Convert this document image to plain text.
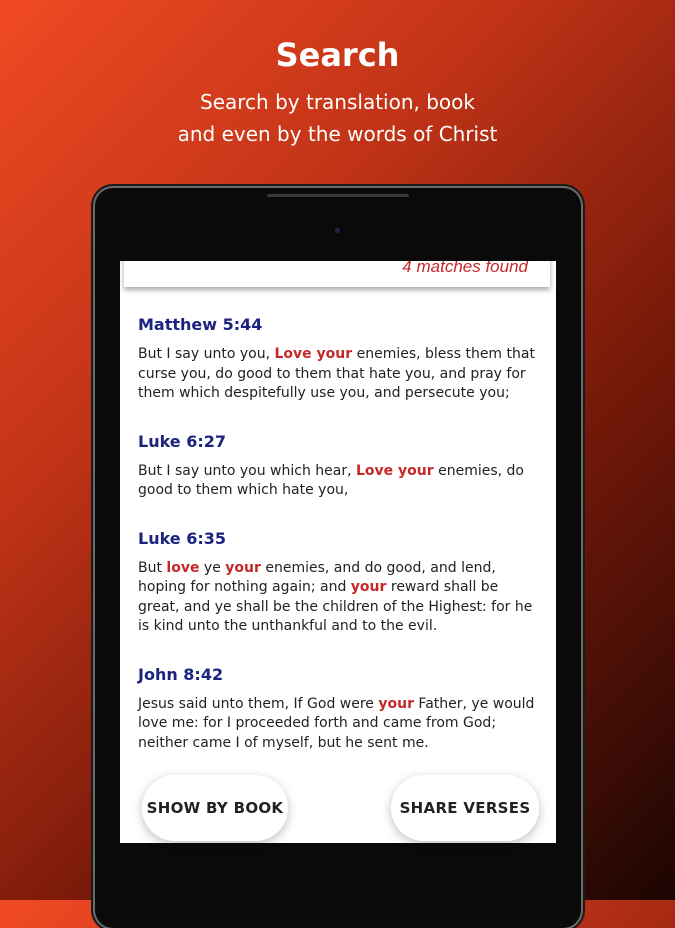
Search
Search by translation, book
and even by the words of Christ
4 matches found
Matthew 5:44
But I say unto you, Love your enemies, bless them that curse you, do good to them that hate you, and pray for them which despitefully use you, and persecute you;
Luke 6:27
But I say unto you which hear, Love your enemies, do good to them which hate you,
Luke 6:35
But love ye your enemies, and do good, and lend, hoping for nothing again; and your reward shall be great, and ye shall be the children of the Highest: for he is kind unto the unthankful and to the evil.
John 8:42
Jesus said unto them, If God were your Father, ye would love me: for I proceeded forth and came from God; neither came I of myself, but he sent me.
SHOW BY BOOK	SHARE VERSES
